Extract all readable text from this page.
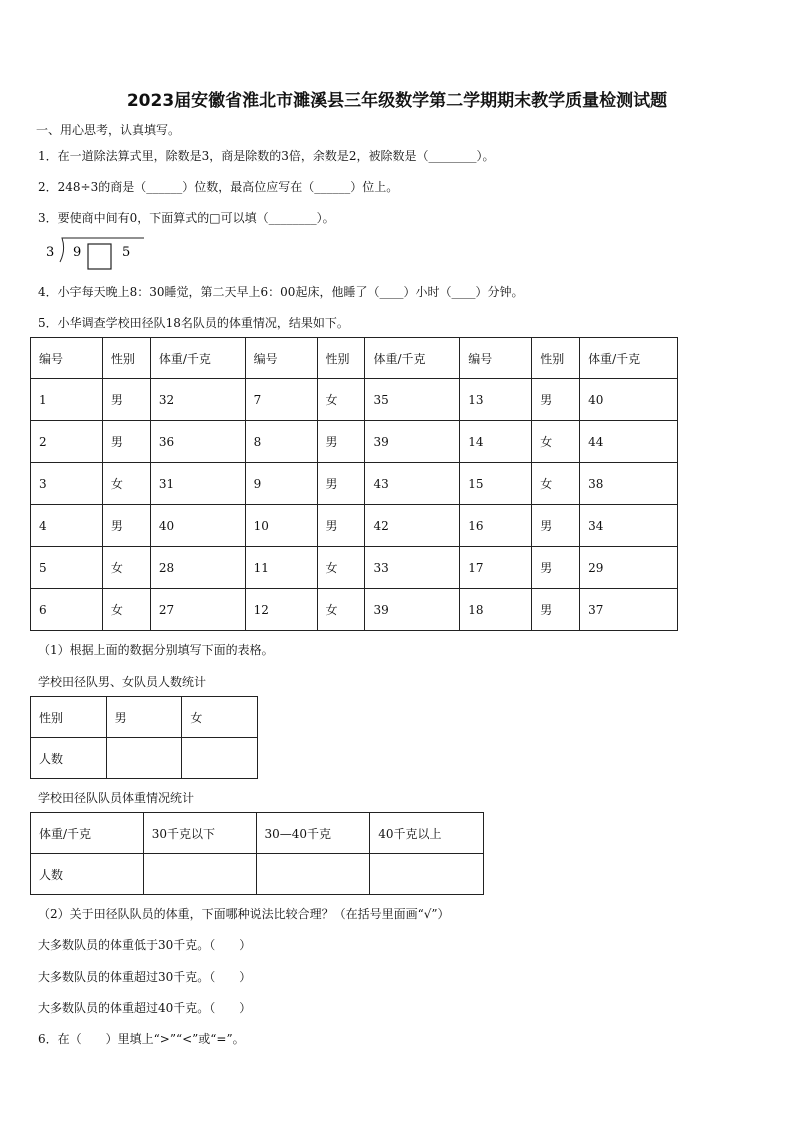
2023届安徽省淮北市濉溪县三年级数学第二学期期末教学质量检测试题
一、用心思考，认真填写。
1．在一道除法算式里，除数是3，商是除数的3倍，余数是2，被除数是（________）。
2．248÷3的商是（______）位数，最高位应写在（______）位上。
3．要使商中间有0，下面算式的□可以填（________）。
3 9	5
4．小宇每天晚上8：30睡觉，第二天早上6：00起床，他睡了（____）小时（____）分钟。
5．小华调查学校田径队18名队员的体重情况，结果如下。
编号	性别	体重/千克	编号	性别	体重/千克	编号	性别	体重/千克
1	男	32	7	女	35	13	男	40
2	男	36	8	男	39	14	女	44
3	女	31	9	男	43	15	女	38
4	男	40	10	男	42	16	男	34
5	女	28	11	女	33	17	男	29
6	女	27	12	女	39	18	男	37
（1）根据上面的数据分别填写下面的表格。
学校田径队男、女队员人数统计
性别	男	女
人数		
学校田径队队员体重情况统计
体重/千克	30千克以下	30—40千克	40千克以上
人数			
（2）关于田径队队员的体重，下面哪种说法比较合理？（在括号里面画“√”）
大多数队员的体重低于30千克。（　　）
大多数队员的体重超过30千克。（　　）
大多数队员的体重超过40千克。（　　）
6．在（　　）里填上“>”“<”或“=”。
